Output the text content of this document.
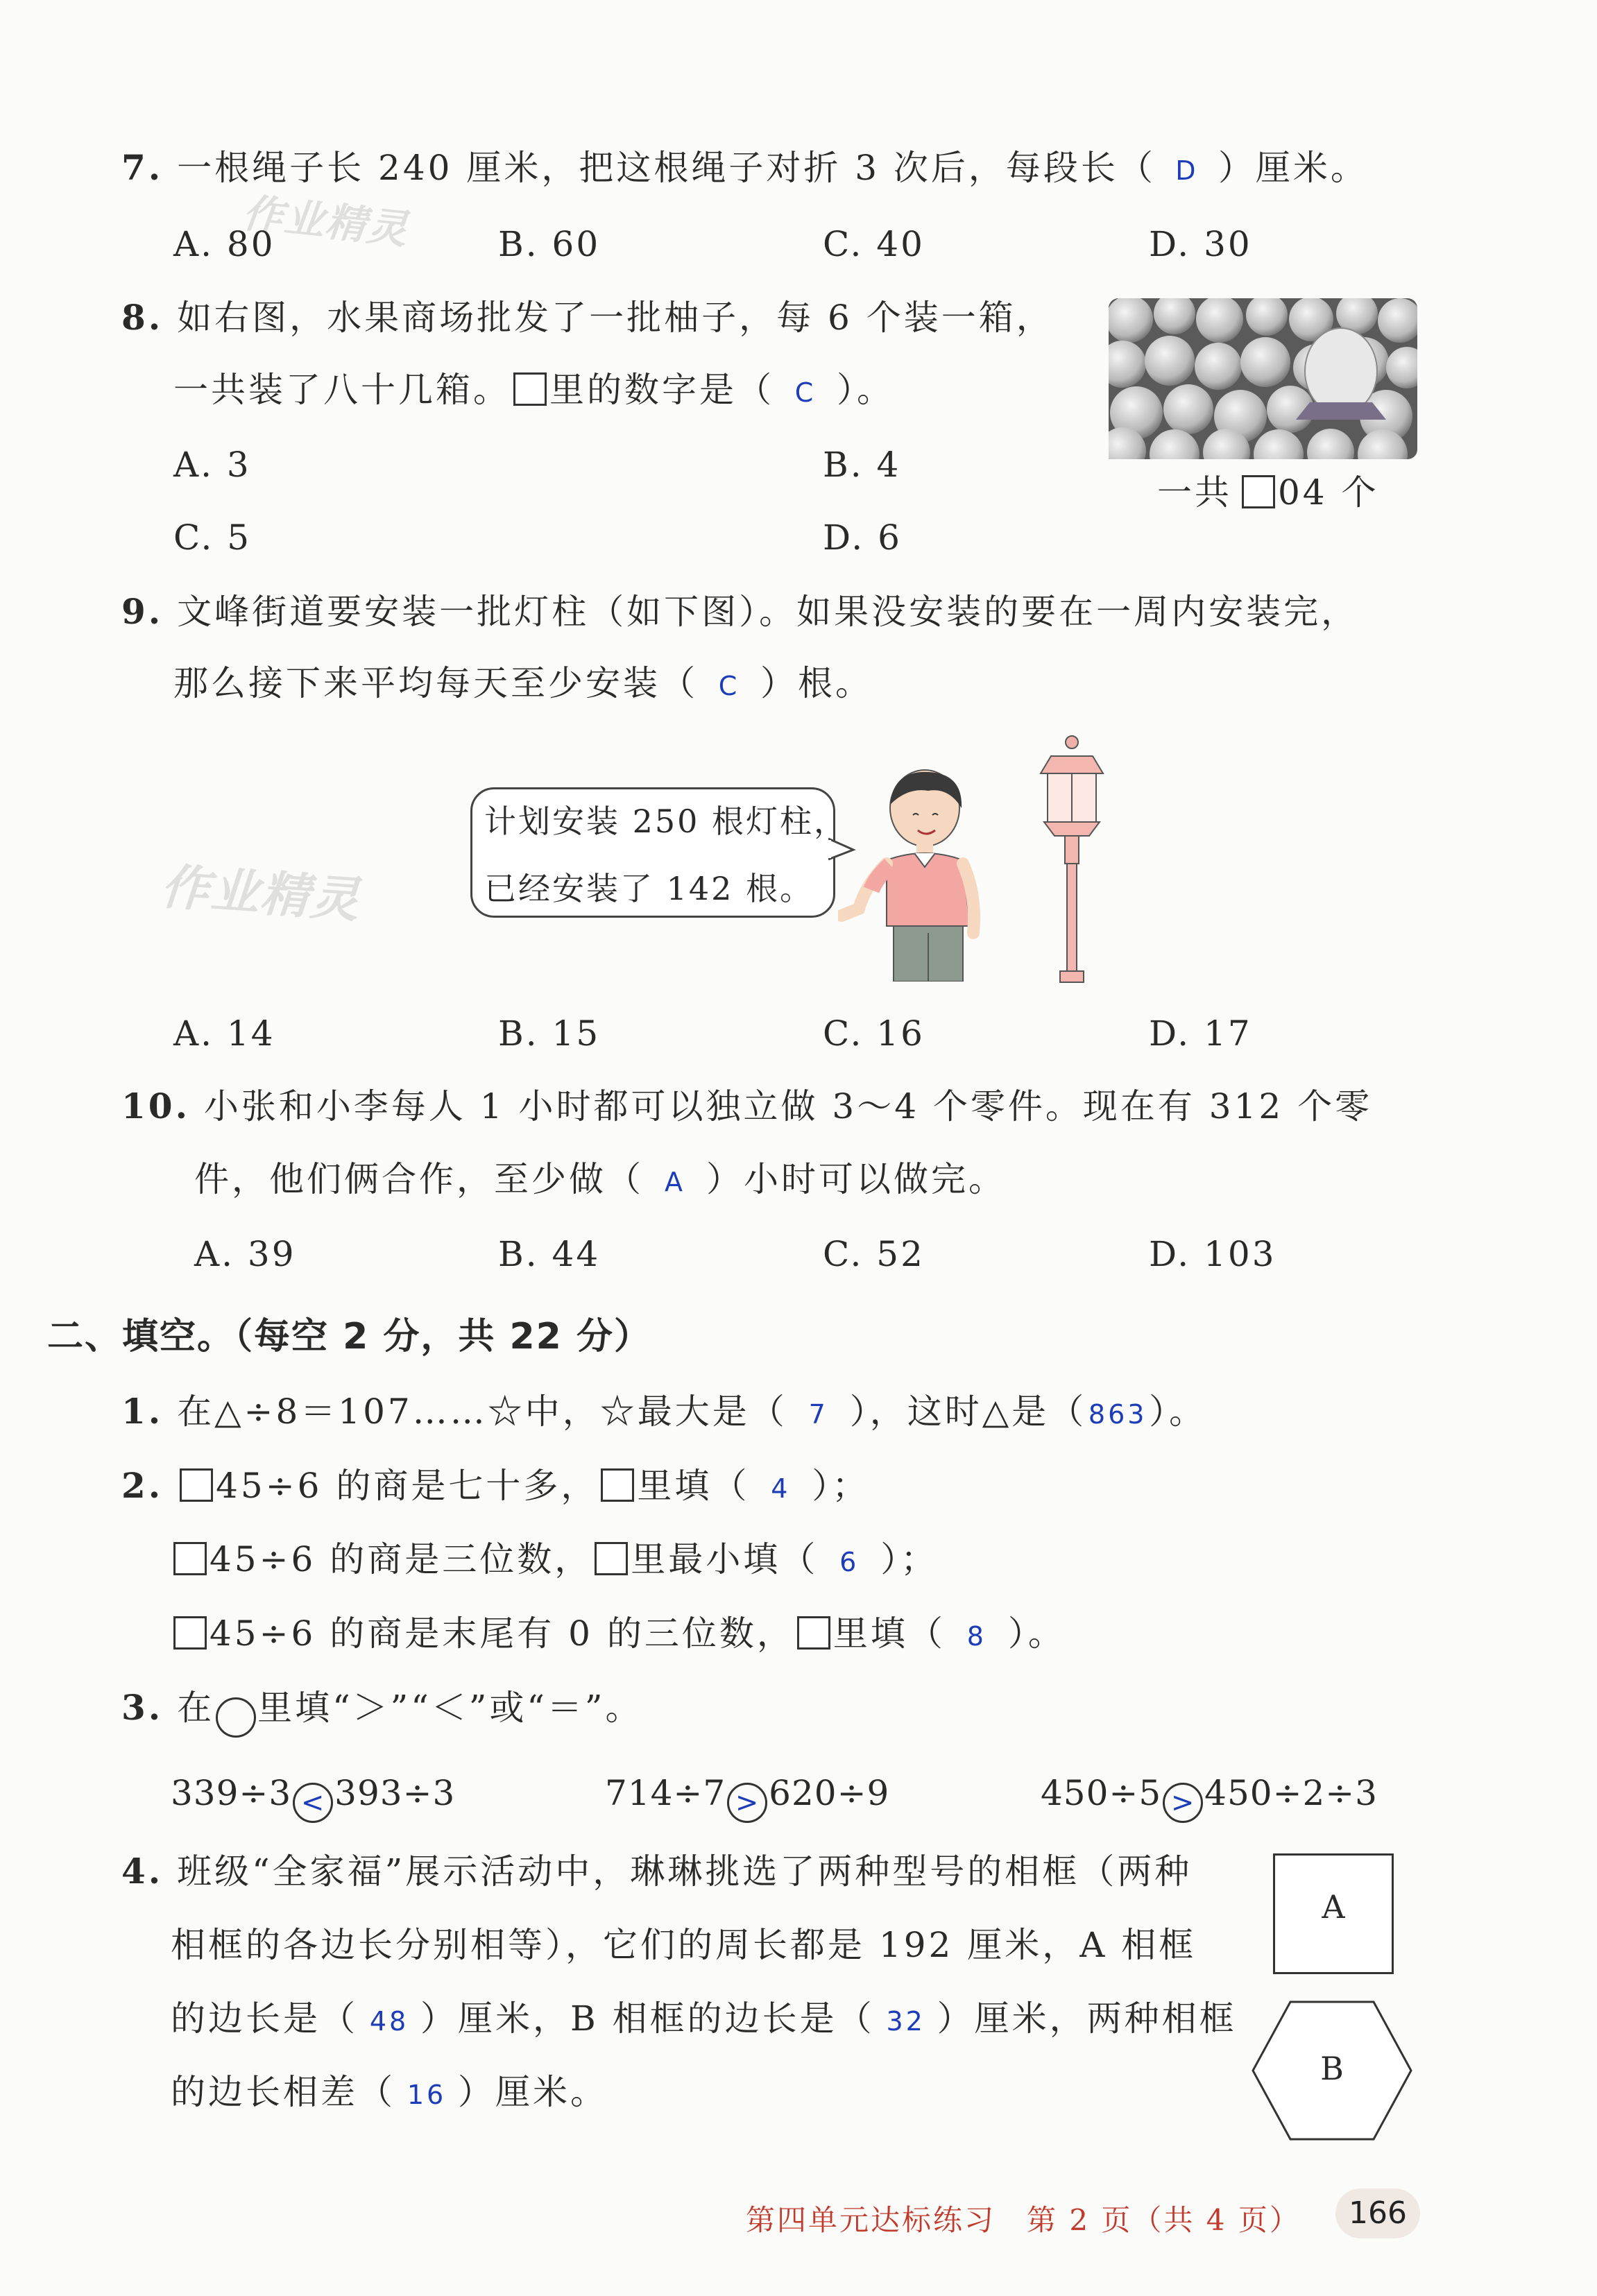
作业精灵
作业精灵
7. 一根绳子长 240 厘米，把这根绳子对折 3 次后，每段长（ D ）厘米。
A. 80	B. 60	C. 40	D. 30
8. 如右图，水果商场批发了一批柚子，每 6 个装一箱，
一共装了八十几箱。 里的数字是（ C ）。
A. 3	B. 4
C. 5	D. 6
一共 04 个
9. 文峰街道要安装一批灯柱（如下图）。如果没安装的要在一周内安装完，
那么接下来平均每天至少安装（ C ）根。
计划安装 250 根灯柱，
已经安装了 142 根。
A. 14	B. 15	C. 16	D. 17
10. 小张和小李每人 1 小时都可以独立做 3～4 个零件。现在有 312 个零
件，他们俩合作，至少做（ A ）小时可以做完。
A. 39	B. 44	C. 52	D. 103
二、填空。（每空 2 分，共 22 分）
1. 在△÷8＝107……☆中，☆最大是（ 7 ），这时△是（863）。
2. 45÷6 的商是七十多， 里填（ 4 ）；
45÷6 的商是三位数， 里最小填（ 6 ）；
45÷6 的商是末尾有 0 的三位数， 里填（ 8 ）。
3. 在 里填“＞”“＜”或“＝”。
339÷3 < 393÷3	714÷7 > 620÷9	450÷5 > 450÷2÷3
4. 班级“全家福”展示活动中，琳琳挑选了两种型号的相框（两种
相框的各边长分别相等），它们的周长都是 192 厘米，A 相框
的边长是（ 48 ）厘米，B 相框的边长是（ 32 ）厘米，两种相框
的边长相差（ 16 ）厘米。
A
B
第四单元达标练习　第 2 页（共 4 页）	166
